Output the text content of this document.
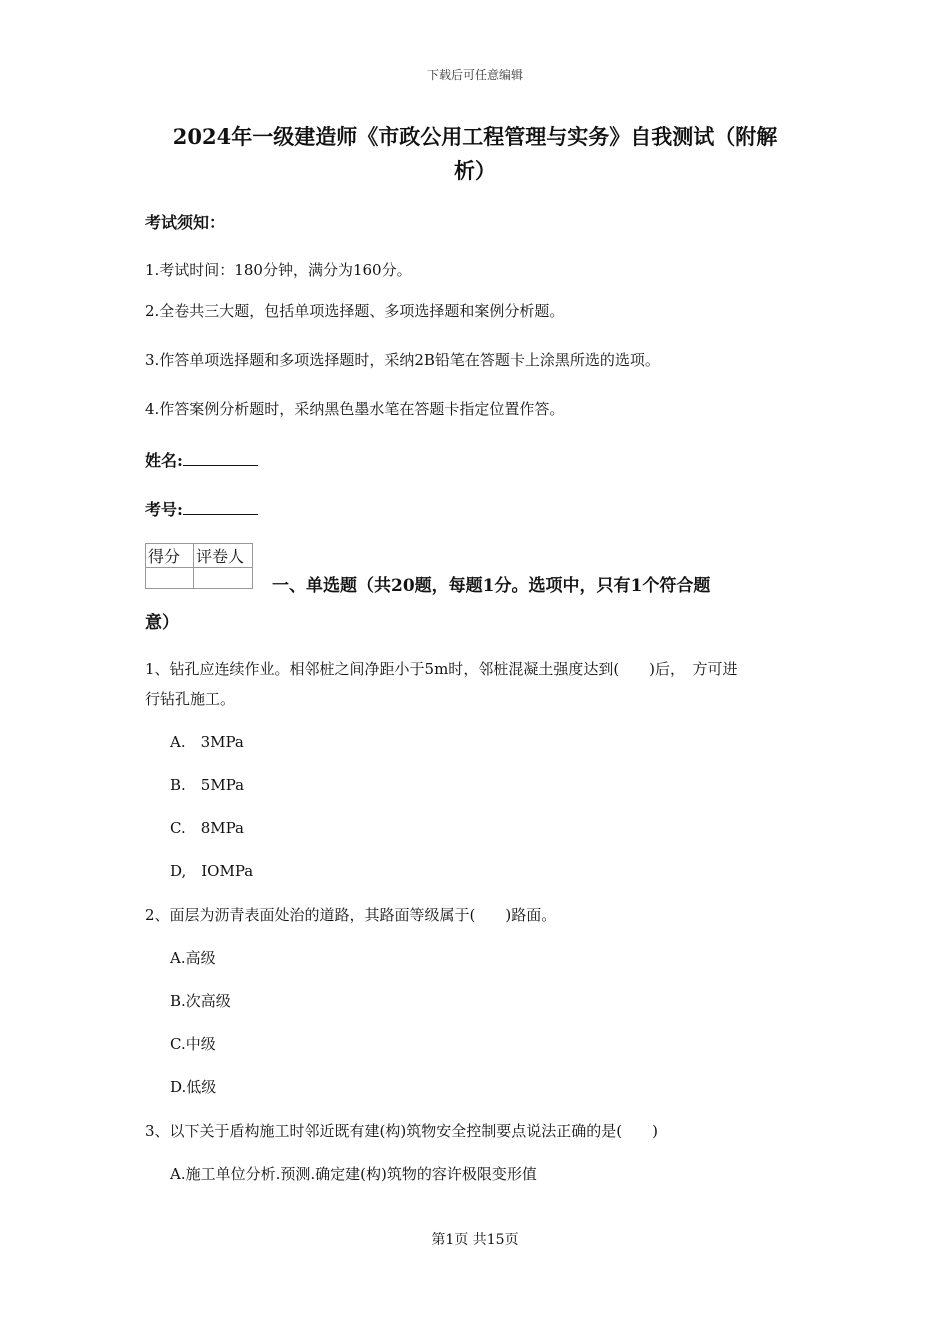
下载后可任意编辑
2024年一级建造师《市政公用工程管理与实务》自我测试（附解
析）
考试须知：
1.考试时间：180分钟，满分为160分。
2.全卷共三大题，包括单项选择题、多项选择题和案例分析题。
3.作答单项选择题和多项选择题时，采纳2B铅笔在答题卡上涂黑所选的选项。
4.作答案例分析题时，采纳黑色墨水笔在答题卡指定位置作答。
姓名:
考号:
得分	评卷人

一、单选题（共20题，每题1分。选项中，只有1个符合题
意）
1、钻孔应连续作业。相邻桩之间净距小于5m时，邻桩混凝土强度达到(　　)后，　方可进
行钻孔施工。
A.　3MPa
B.　5MPa
C.　8MPa
D,　IOMPa
2、面层为沥青表面处治的道路，其路面等级属于(　　)路面。
A.高级
B.次高级
C.中级
D.低级
3、以下关于盾构施工时邻近既有建(构)筑物安全控制要点说法正确的是(　　)
A.施工单位分析.预测.确定建(构)筑物的容许极限变形值
第1页 共15页
